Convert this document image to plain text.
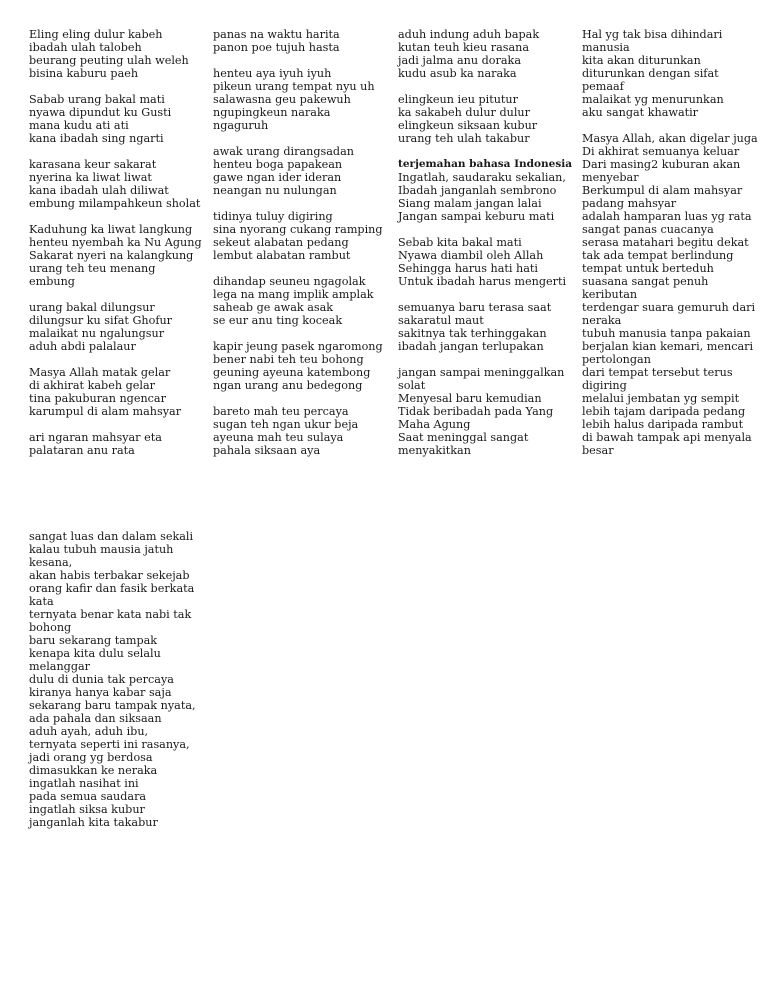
Eling eling dulur kabeh
ibadah ulah talobeh
beurang peuting ulah weleh
bisina kaburu paeh
Sabab urang bakal mati
nyawa dipundut ku Gusti
mana kudu ati ati
kana ibadah sing ngarti
karasana keur sakarat
nyerina ka liwat liwat
kana ibadah ulah diliwat
embung milampahkeun sholat
Kaduhung ka liwat langkung
henteu nyembah ka Nu Agung
Sakarat nyeri na kalangkung
urang teh teu menang
embung
urang bakal dilungsur
dilungsur ku sifat Ghofur
malaikat nu ngalungsur
aduh abdi palalaur
Masya Allah matak gelar
di akhirat kabeh gelar
tina pakuburan ngencar
karumpul di alam mahsyar
ari ngaran mahsyar eta
palataran anu rata
panas na waktu harita
panon poe tujuh hasta
henteu aya iyuh iyuh
pikeun urang tempat nyu uh
salawasna geu pakewuh
ngupingkeun naraka
ngaguruh
awak urang dirangsadan
henteu boga papakean
gawe ngan ider ideran
neangan nu nulungan
tidinya tuluy digiring
sina nyorang cukang ramping
sekeut alabatan pedang
lembut alabatan rambut
dihandap seuneu ngagolak
lega na mang implik amplak
saheab ge awak asak
se eur anu ting koceak
kapir jeung pasek ngaromong
bener nabi teh teu bohong
geuning ayeuna katembong
ngan urang anu bedegong
bareto mah teu percaya
sugan teh ngan ukur beja
ayeuna mah teu sulaya
pahala siksaan aya
aduh indung aduh bapak
kutan teuh kieu rasana
jadi jalma anu doraka
kudu asub ka naraka
elingkeun ieu pitutur
ka sakabeh dulur dulur
elingkeun siksaan kubur
urang teh ulah takabur
terjemahan bahasa Indonesia
Ingatlah, saudaraku sekalian,
Ibadah janganlah sembrono
Siang malam jangan lalai
Jangan sampai keburu mati
Sebab kita bakal mati
Nyawa diambil oleh Allah
Sehingga harus hati hati
Untuk ibadah harus mengerti
semuanya baru terasa saat
sakaratul maut
sakitnya tak terhinggakan
ibadah jangan terlupakan
jangan sampai meninggalkan
solat
Menyesal baru kemudian
Tidak beribadah pada Yang
Maha Agung
Saat meninggal sangat
menyakitkan
Hal yg tak bisa dihindari
manusia
kita akan diturunkan
diturunkan dengan sifat
pemaaf
malaikat yg menurunkan
aku sangat khawatir
Masya Allah, akan digelar juga
Di akhirat semuanya keluar
Dari masing2 kuburan akan
menyebar
Berkumpul di alam mahsyar
padang mahsyar
adalah hamparan luas yg rata
sangat panas cuacanya
serasa matahari begitu dekat
tak ada tempat berlindung
tempat untuk berteduh
suasana sangat penuh
keributan
terdengar suara gemuruh dari
neraka
tubuh manusia tanpa pakaian
berjalan kian kemari, mencari
pertolongan
dari tempat tersebut terus
digiring
melalui jembatan yg sempit
lebih tajam daripada pedang
lebih halus daripada rambut
di bawah tampak api menyala
besar
sangat luas dan dalam sekali
kalau tubuh mausia jatuh
kesana,
akan habis terbakar sekejab
orang kafir dan fasik berkata
kata
ternyata benar kata nabi tak
bohong
baru sekarang tampak
kenapa kita dulu selalu
melanggar
dulu di dunia tak percaya
kiranya hanya kabar saja
sekarang baru tampak nyata,
ada pahala dan siksaan
aduh ayah, aduh ibu,
ternyata seperti ini rasanya,
jadi orang yg berdosa
dimasukkan ke neraka
ingatlah nasihat ini
pada semua saudara
ingatlah siksa kubur
janganlah kita takabur
